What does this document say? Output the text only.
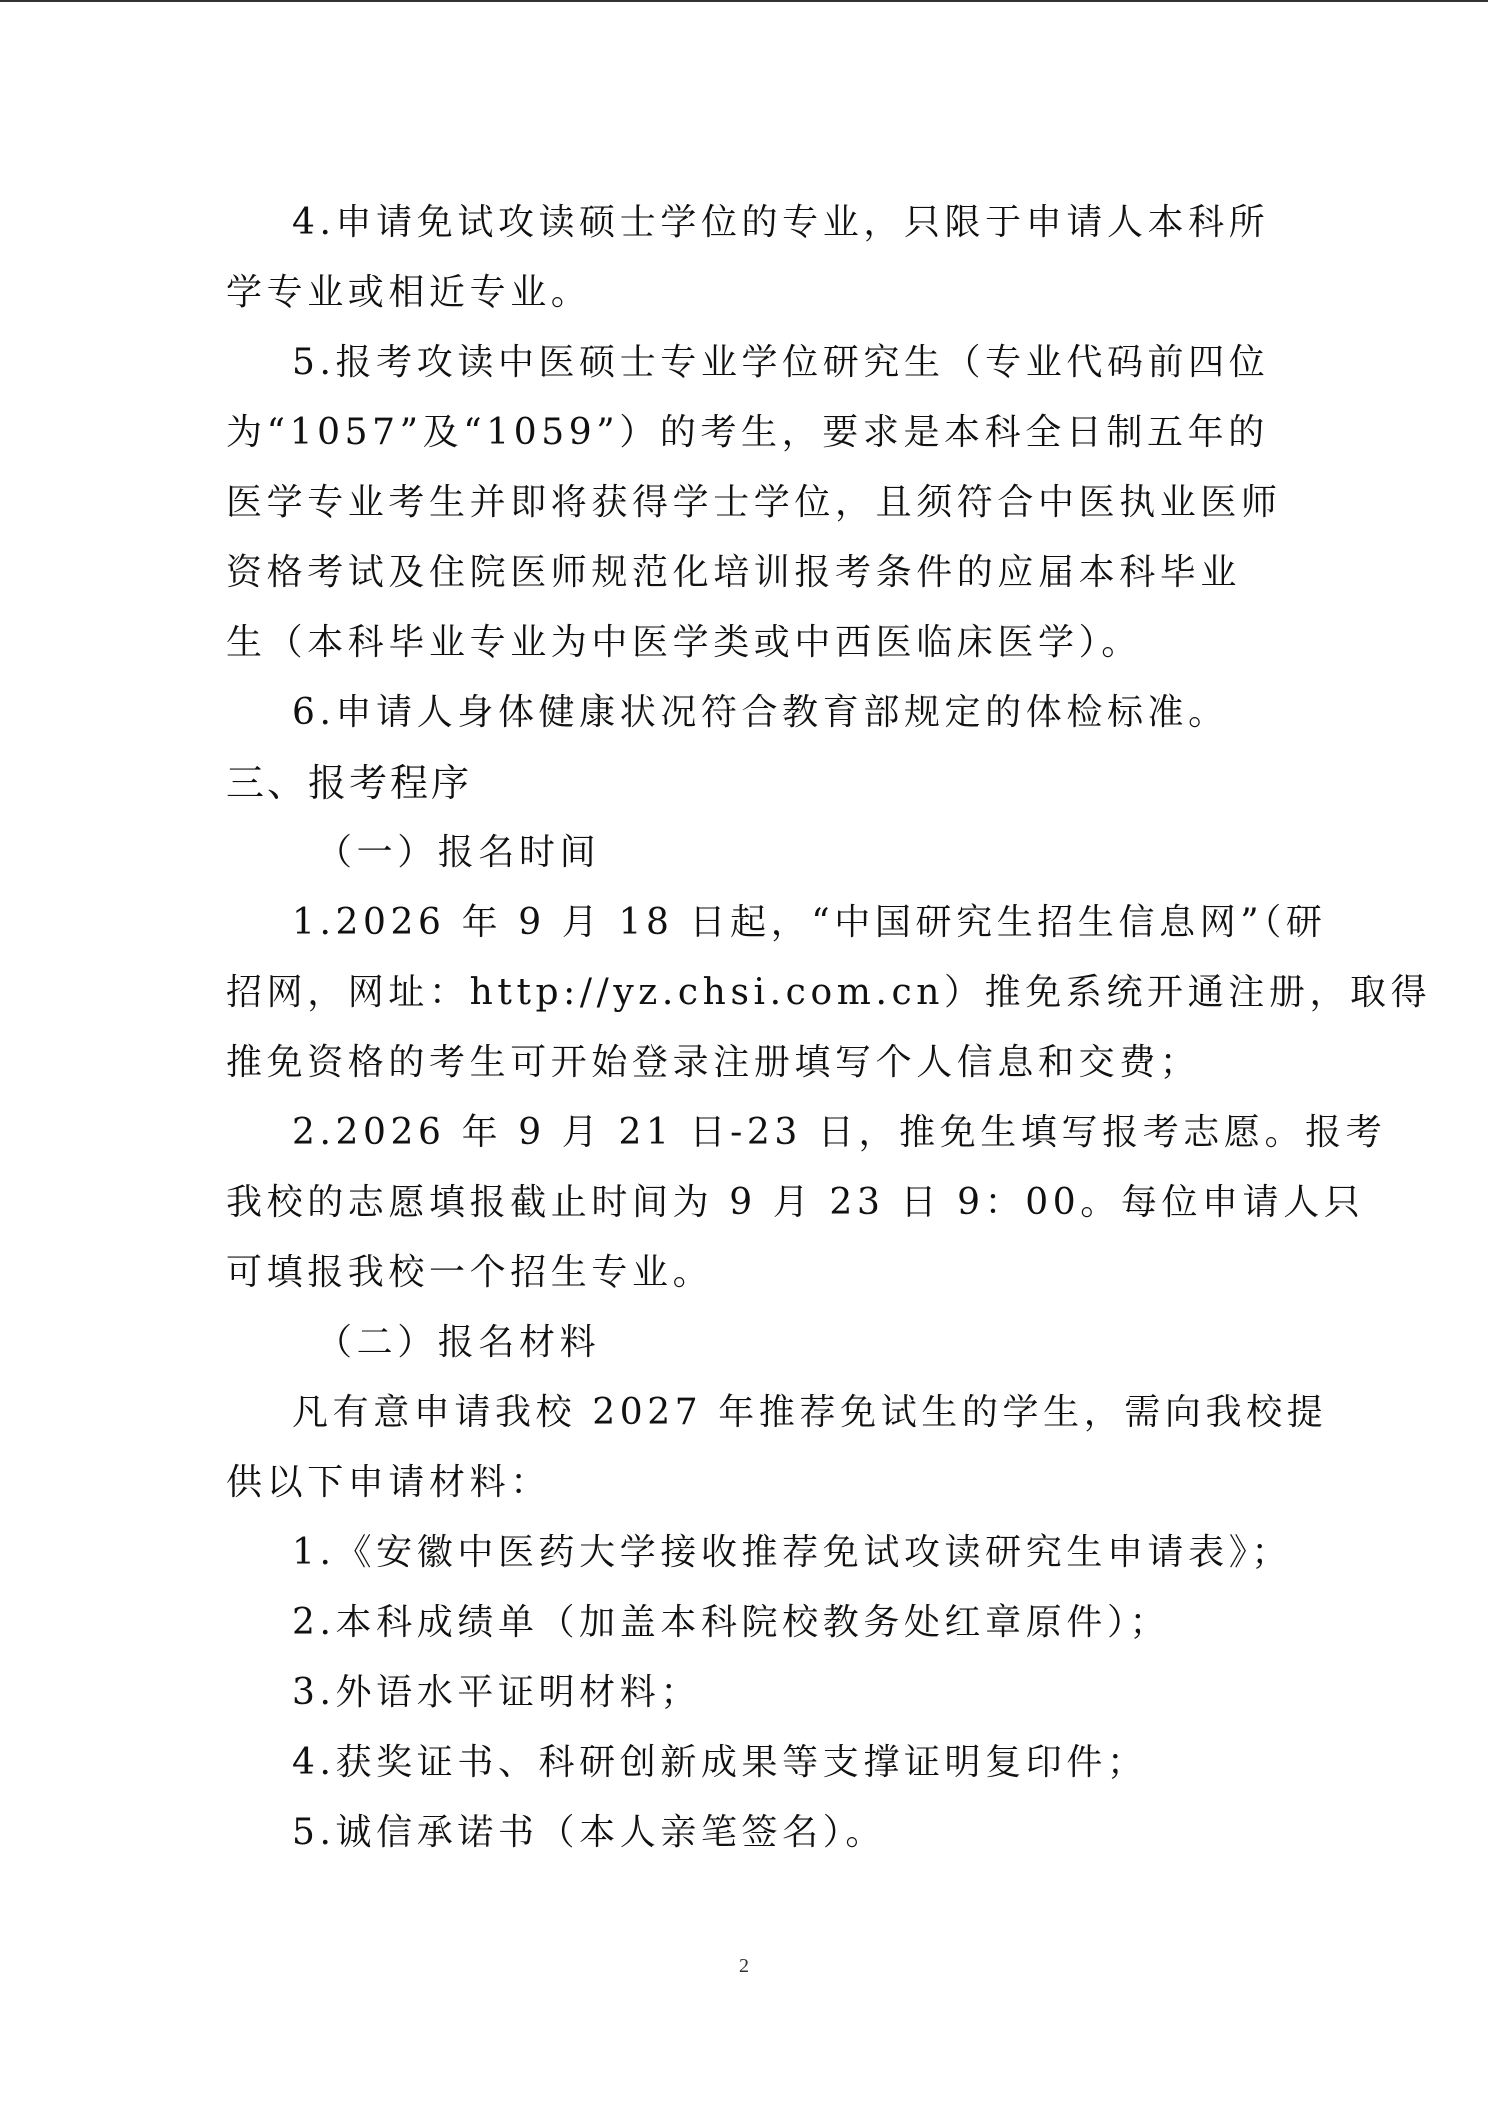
4.申请免试攻读硕士学位的专业，只限于申请人本科所
学专业或相近专业。
5.报考攻读中医硕士专业学位研究生（专业代码前四位
为“1057”及“1059”）的考生，要求是本科全日制五年的
医学专业考生并即将获得学士学位，且须符合中医执业医师
资格考试及住院医师规范化培训报考条件的应届本科毕业
生（本科毕业专业为中医学类或中西医临床医学）。
6.申请人身体健康状况符合教育部规定的体检标准。
三、报考程序
（一）报名时间
1.2026 年 9 月 18 日起，“中国研究生招生信息网”（研
招网，网址：http://yz.chsi.com.cn）推免系统开通注册，取得
推免资格的考生可开始登录注册填写个人信息和交费；
2.2026 年 9 月 21 日-23 日，推免生填写报考志愿。报考
我校的志愿填报截止时间为 9 月 23 日 9：00。每位申请人只
可填报我校一个招生专业。
（二）报名材料
凡有意申请我校 2027 年推荐免试生的学生，需向我校提
供以下申请材料：
1.《安徽中医药大学接收推荐免试攻读研究生申请表》；
2.本科成绩单（加盖本科院校教务处红章原件）；
3.外语水平证明材料；
4.获奖证书、科研创新成果等支撑证明复印件；
5.诚信承诺书（本人亲笔签名）。
2
